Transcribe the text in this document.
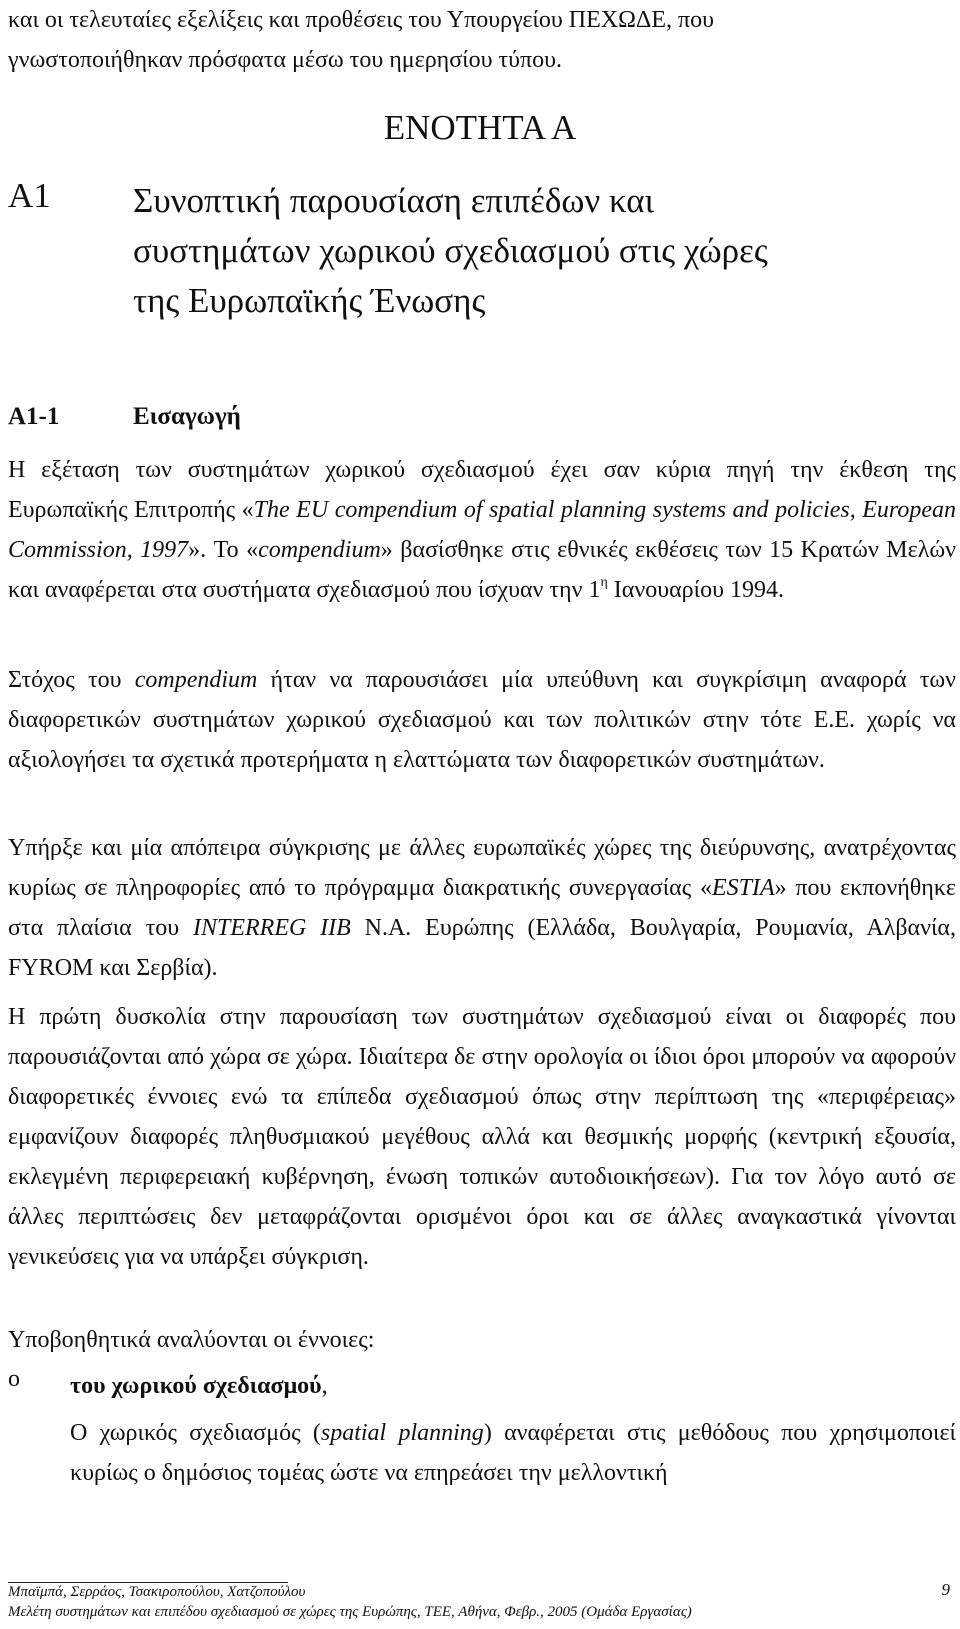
και οι τελευταίες εξελίξεις και προθέσεις του Υπουργείου ΠΕΧΩΔΕ, που
γνωστοποιήθηκαν πρόσφατα μέσω του ημερησίου τύπου.

ΕΝΟΤΗΤΑ Α
Α1 Συνοπτική παρουσίαση επιπέδων και
συστημάτων χωρικού σχεδιασμού στις χώρες
της Ευρωπαϊκής Ένωσης
Α1-1	Εισαγωγή

Η εξέταση των συστημάτων χωρικού σχεδιασμού έχει σαν κύρια πηγή την έκθεση της Ευρωπαϊκής Επιτροπής «The EU compendium of spatial planning systems and policies, European Commission, 1997». Το «compendium» βασίσθηκε στις εθνικές εκθέσεις των 15 Κρατών Μελών και αναφέρεται στα συστήματα σχεδιασμού που ίσχυαν την $1^\eta$ Ιανουαρίου 1994.

Στόχος του compendium ήταν να παρουσιάσει μία υπεύθυνη και συγκρίσιμη αναφορά των διαφορετικών συστημάτων χωρικού σχεδιασμού και των πολιτικών στην τότε Ε.Ε. χωρίς να αξιολογήσει τα σχετικά προτερήματα η ελαττώματα των διαφορετικών συστημάτων.

Υπήρξε και μία απόπειρα σύγκρισης με άλλες ευρωπαϊκές χώρες της διεύρυνσης, ανατρέχοντας κυρίως σε πληροφορίες από το πρόγραμμα διακρατικής συνεργασίας «ESTIA» που εκπονήθηκε στα πλαίσια του INTERREG IIB Ν.Α. Ευρώπης (Ελλάδα, Βουλγαρία, Ρουμανία, Αλβανία, FYROM και Σερβία).

Η πρώτη δυσκολία στην παρουσίαση των συστημάτων σχεδιασμού είναι οι διαφορές που παρουσιάζονται από χώρα σε χώρα. Ιδιαίτερα δε στην ορολογία οι ίδιοι όροι μπορούν να αφορούν διαφορετικές έννοιες ενώ τα επίπεδα σχεδιασμού όπως στην περίπτωση της «περιφέρειας» εμφανίζουν διαφορές πληθυσμιακού μεγέθους αλλά και θεσμικής μορφής (κεντρική εξουσία, εκλεγμένη περιφερειακή κυβέρνηση, ένωση τοπικών αυτοδιοικήσεων). Για τον λόγο αυτό σε άλλες περιπτώσεις δεν μεταφράζονται ορισμένοι όροι και σε άλλες αναγκαστικά γίνονται γενικεύσεις για να υπάρξει σύγκριση.

Υποβοηθητικά αναλύονται οι έννοιες:

o του χωρικού σχεδιασμού,
Ο χωρικός σχεδιασμός (spatial planning) αναφέρεται στις μεθόδους που χρησιμοποιεί κυρίως ο δημόσιος τομέας ώστε να επηρεάσει την μελλοντική
Μπαϊμπά, Σερράος, Τσακιροπούλου, Χατζοπούλου
Μελέτη συστημάτων και επιπέδου σχεδιασμού σε χώρες της Ευρώπης, ΤΕΕ, Αθήνα, Φεβρ., 2005 (Ομάδα Εργασίας)
9
